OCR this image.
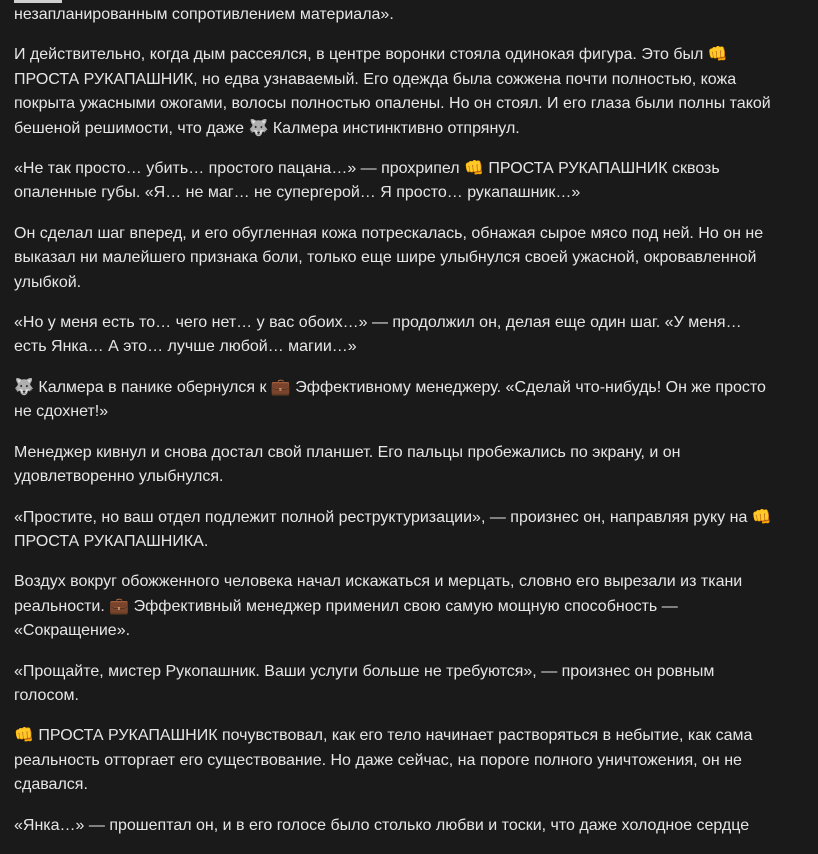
незапланированным сопротивлением материала».

И действительно, когда дым рассеялся, в центре воронки стояла одинокая фигура. Это был 👊 ПРОСТА РУКАПАШНИК, но едва узнаваемый. Его одежда была сожжена почти полностью, кожа покрыта ужасными ожогами, волосы полностью опалены. Но он стоял. И его глаза были полны такой бешеной решимости, что даже 🐺 Калмера инстинктивно отпрянул.

«Не так просто… убить… простого пацана…» — прохрипел 👊 ПРОСТА РУКАПАШНИК сквозь опаленные губы. «Я… не маг… не супергерой… Я просто… рукапашник…»

Он сделал шаг вперед, и его обугленная кожа потрескалась, обнажая сырое мясо под ней. Но он не выказал ни малейшего признака боли, только еще шире улыбнулся своей ужасной, окровавленной улыбкой.

«Но у меня есть то… чего нет… у вас обоих…» — продолжил он, делая еще один шаг. «У меня… есть Янка… А это… лучше любой… магии…»

🐺 Калмера в панике обернулся к 💼 Эффективному менеджеру. «Сделай что-нибудь! Он же просто не сдохнет!»

Менеджер кивнул и снова достал свой планшет. Его пальцы пробежались по экрану, и он удовлетворенно улыбнулся.

«Простите, но ваш отдел подлежит полной реструктуризации», — произнес он, направляя руку на 👊 ПРОСТА РУКАПАШНИКА.

Воздух вокруг обожженного человека начал искажаться и мерцать, словно его вырезали из ткани реальности. 💼 Эффективный менеджер применил свою самую мощную способность — «Сокращение».

«Прощайте, мистер Рукопашник. Ваши услуги больше не требуются», — произнес он ровным голосом.

👊 ПРОСТА РУКАПАШНИК почувствовал, как его тело начинает растворяться в небытие, как сама реальность отторгает его существование. Но даже сейчас, на пороге полного уничтожения, он не сдавался.

«Янка…» — прошептал он, и в его голосе было столько любви и тоски, что даже холодное сердце
